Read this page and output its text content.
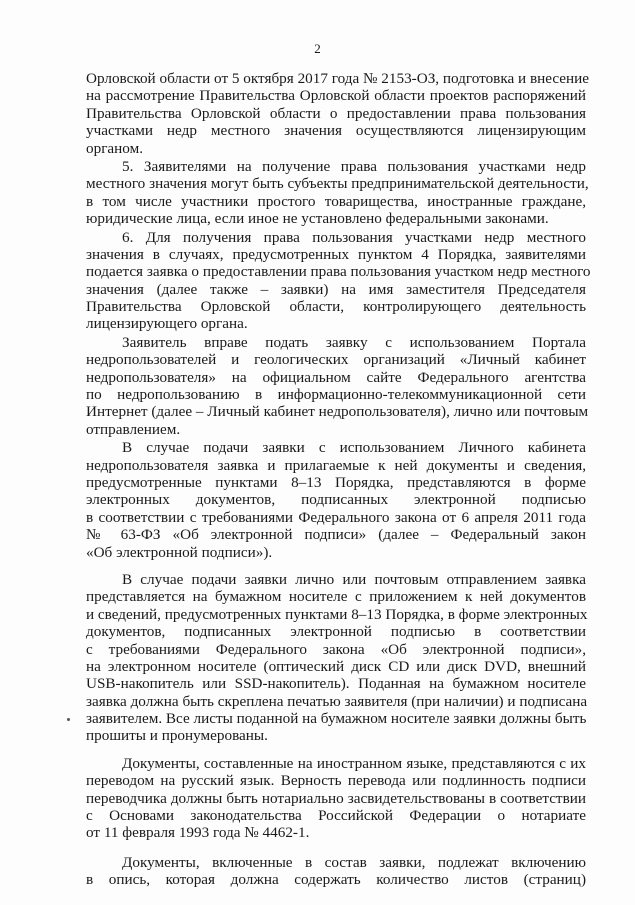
2
Орловской области от 5 октября 2017 года № 2153-ОЗ, подготовка и внесение
на рассмотрение Правительства Орловской области проектов распоряжений
Правительства Орловской области о предоставлении права пользования
участками недр местного значения осуществляются лицензирующим
органом.
5. Заявителями на получение права пользования участками недр
местного значения могут быть субъекты предпринимательской деятельности,
в том числе участники простого товарищества, иностранные граждане,
юридические лица, если иное не установлено федеральными законами.
6. Для получения права пользования участками недр местного
значения в случаях, предусмотренных пунктом 4 Порядка, заявителями
подается заявка о предоставлении права пользования участком недр местного
значения (далее также – заявки) на имя заместителя Председателя
Правительства Орловской области, контролирующего деятельность
лицензирующего органа.
Заявитель вправе подать заявку с использованием Портала
недропользователей и геологических организаций «Личный кабинет
недропользователя» на официальном сайте Федерального агентства
по недропользованию в информационно-телекоммуникационной сети
Интернет (далее – Личный кабинет недропользователя), лично или почтовым
отправлением.
В случае подачи заявки с использованием Личного кабинета
недропользователя заявка и прилагаемые к ней документы и сведения,
предусмотренные пунктами 8–13 Порядка, представляются в форме
электронных документов, подписанных электронной подписью
в соответствии с требованиями Федерального закона от 6 апреля 2011 года
№ 63-ФЗ «Об электронной подписи» (далее – Федеральный закон
«Об электронной подписи»).
В случае подачи заявки лично или почтовым отправлением заявка
представляется на бумажном носителе с приложением к ней документов
и сведений, предусмотренных пунктами 8–13 Порядка, в форме электронных
документов, подписанных электронной подписью в соответствии
с требованиями Федерального закона «Об электронной подписи»,
на электронном носителе (оптический диск CD или диск DVD, внешний
USB-накопитель или SSD-накопитель). Поданная на бумажном носителе
заявка должна быть скреплена печатью заявителя (при наличии) и подписана
заявителем. Все листы поданной на бумажном носителе заявки должны быть
прошиты и пронумерованы.
Документы, составленные на иностранном языке, представляются с их
переводом на русский язык. Верность перевода или подлинность подписи
переводчика должны быть нотариально засвидетельствованы в соответствии
с Основами законодательства Российской Федерации о нотариате
от 11 февраля 1993 года № 4462-1.
Документы, включенные в состав заявки, подлежат включению
в опись, которая должна содержать количество листов (страниц)
